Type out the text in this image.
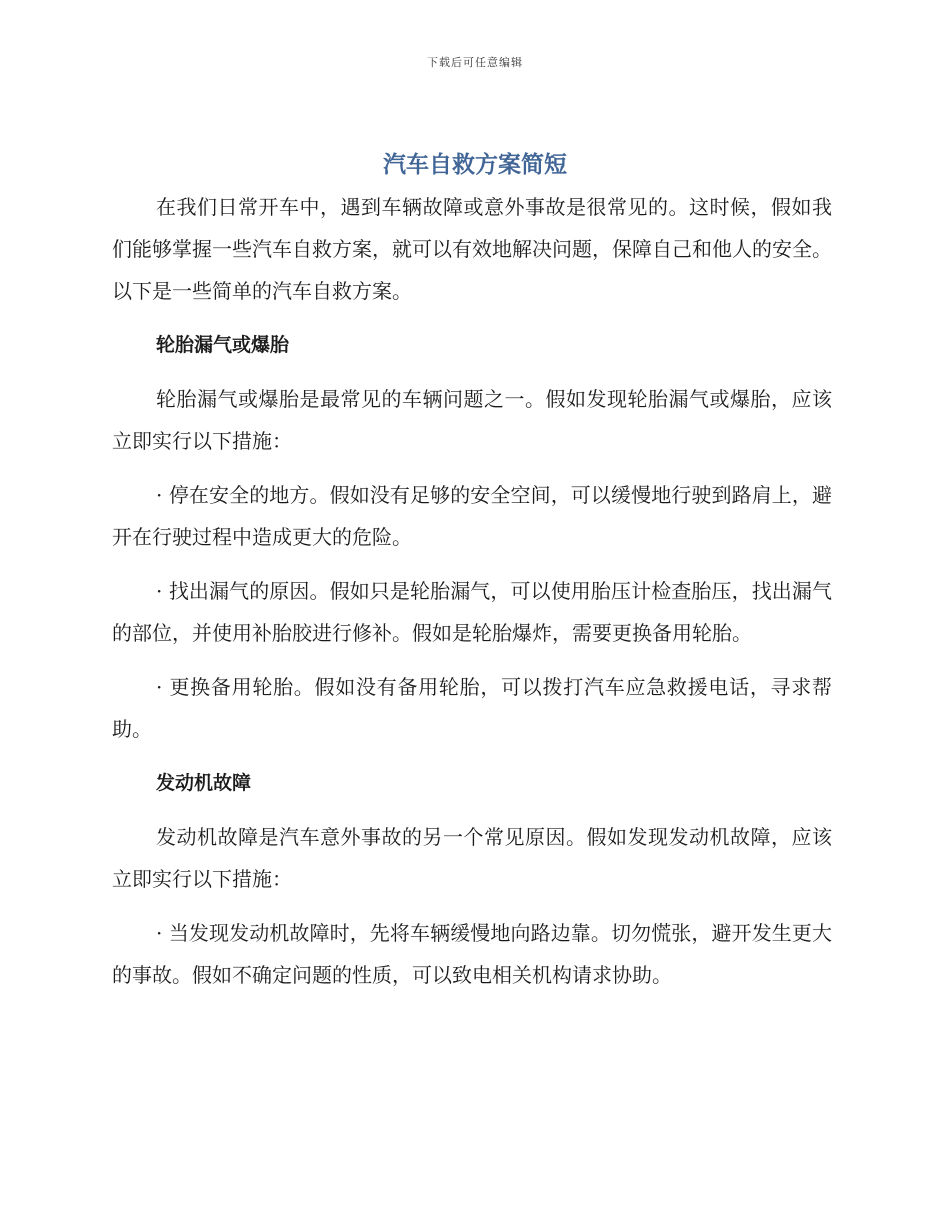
下载后可任意编辑
汽车自救方案简短

在我们日常开车中，遇到车辆故障或意外事故是很常见的。这时候，假如我们能够掌握一些汽车自救方案，就可以有效地解决问题，保障自己和他人的安全。以下是一些简单的汽车自救方案。

轮胎漏气或爆胎

轮胎漏气或爆胎是最常见的车辆问题之一。假如发现轮胎漏气或爆胎，应该立即实行以下措施：

· 停在安全的地方。假如没有足够的安全空间，可以缓慢地行驶到路肩上，避开在行驶过程中造成更大的危险。

· 找出漏气的原因。假如只是轮胎漏气，可以使用胎压计检查胎压，找出漏气的部位，并使用补胎胶进行修补。假如是轮胎爆炸，需要更换备用轮胎。

· 更换备用轮胎。假如没有备用轮胎，可以拨打汽车应急救援电话，寻求帮助。

发动机故障

发动机故障是汽车意外事故的另一个常见原因。假如发现发动机故障，应该立即实行以下措施：

· 当发现发动机故障时，先将车辆缓慢地向路边靠。切勿慌张，避开发生更大的事故。假如不确定问题的性质，可以致电相关机构请求协助。
